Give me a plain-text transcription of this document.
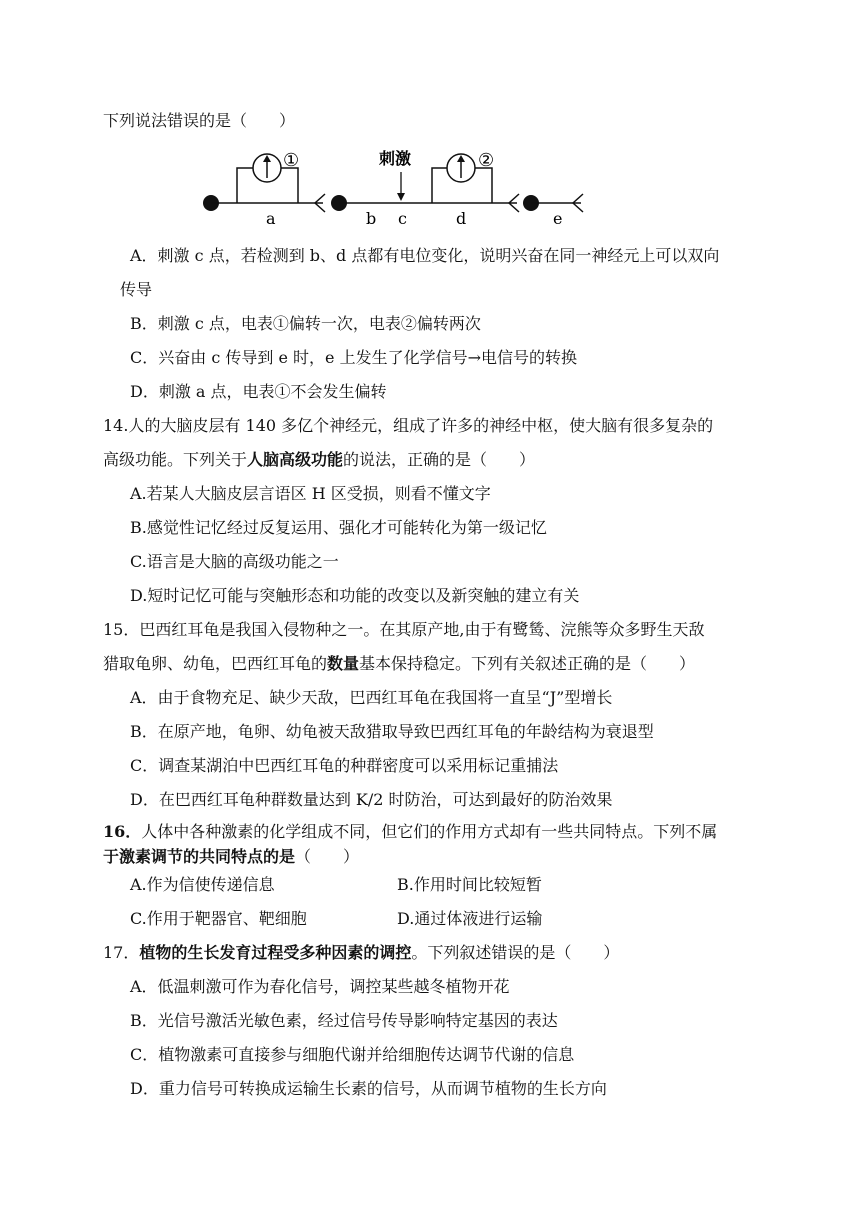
下列说法错误的是（　　）
①	②
刺激
a	b c	d	e
A．刺激 c 点，若检测到 b、d 点都有电位变化，说明兴奋在同一神经元上可以双向
传导
B．刺激 c 点，电表①偏转一次，电表②偏转两次
C．兴奋由 c 传导到 e 时，e 上发生了化学信号→电信号的转换
D．刺激 a 点，电表①不会发生偏转
14.人的大脑皮层有 140 多亿个神经元，组成了许多的神经中枢，使大脑有很多复杂的
高级功能。下列关于人脑高级功能的说法，正确的是（　　）
A.若某人大脑皮层言语区 H 区受损，则看不懂文字
B.感觉性记忆经过反复运用、强化才可能转化为第一级记忆
C.语言是大脑的高级功能之一
D.短时记忆可能与突触形态和功能的改变以及新突触的建立有关
15．巴西红耳龟是我国入侵物种之一。在其原产地,由于有鹭鸶、浣熊等众多野生天敌
猎取龟卵、幼龟，巴西红耳龟的数量基本保持稳定。下列有关叙述正确的是（　　）
A．由于食物充足、缺少天敌，巴西红耳龟在我国将一直呈“J”型增长
B．在原产地，龟卵、幼龟被天敌猎取导致巴西红耳龟的年龄结构为衰退型
C．调查某湖泊中巴西红耳龟的种群密度可以采用标记重捕法
D．在巴西红耳龟种群数量达到 K/2 时防治，可达到最好的防治效果
16．人体中各种激素的化学组成不同，但它们的作用方式却有一些共同特点。下列不属
于激素调节的共同特点的是（　　）
A.作为信使传递信息	B.作用时间比较短暂
C.作用于靶器官、靶细胞	D.通过体液进行运输
17．植物的生长发育过程受多种因素的调控。下列叙述错误的是（　　）
A．低温刺激可作为春化信号，调控某些越冬植物开花
B．光信号激活光敏色素，经过信号传导影响特定基因的表达
C．植物激素可直接参与细胞代谢并给细胞传达调节代谢的信息
D．重力信号可转换成运输生长素的信号，从而调节植物的生长方向
